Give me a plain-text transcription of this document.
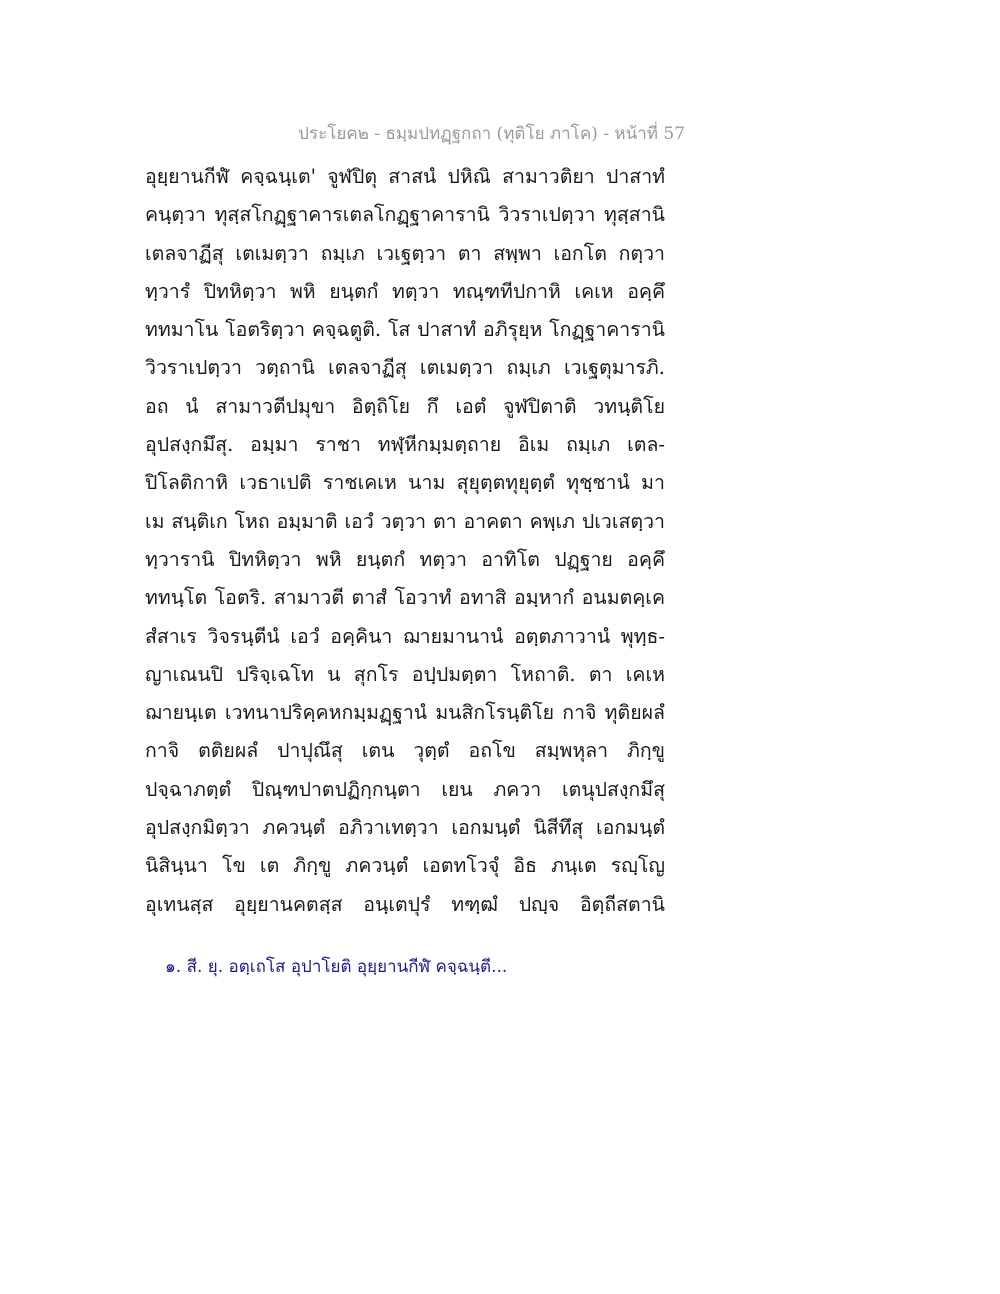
ประโยค๒ - ธมฺมปทฏฺฐกถา (ทุติโย ภาโค) - หน้าที่ 57
อุยฺยานกีฬํ คจฺฉนฺเต' จูฬปิตุ สาสนํ ปหิณิ สามาวติยา ปาสาทํ
คนฺตฺวา ทุสฺสโกฏฺฐาคารเตลโกฏฺฐาคารานิ วิวราเปตฺวา ทุสฺสานิ
เตลจาฏีสุ เตเมตฺวา ถมฺเภ เวเฐตฺวา ตา สพฺพา เอกโต กตฺวา
ทฺวารํ ปิทหิตฺวา พหิ ยนฺตกํ ทตฺวา ทณฺฑทีปกาหิ เคเห อคฺคึ
ททมาโน โอตริตฺวา คจฺฉตูติ. โส ปาสาทํ อภิรุยฺห โกฏฺฐาคารานิ
วิวราเปตฺวา วตฺถานิ เตลจาฏีสุ เตเมตฺวา ถมฺเภ เวเฐตุมารภิ.
อถ นํ สามาวตีปมุขา อิตฺถิโย กึ เอตํ จูฬปิตาติ วทนฺติโย
อุปสงฺกมึสุ. อมฺมา ราชา ทฬฺหีกมฺมตฺถาย อิเม ถมฺเภ เตล-
ปิโลติกาหิ เวธาเปติ ราชเคเห นาม สุยุตฺตทุยุตฺตํ ทุชฺชานํ มา
เม สนฺติเก โหถ อมฺมาติ เอวํ วตฺวา ตา อาคตา คพฺเภ ปเวเสตฺวา
ทฺวารานิ ปิทหิตฺวา พหิ ยนฺตกํ ทตฺวา อาทิโต ปฏฺฐาย อคฺคึ
ททนฺโต โอตริ. สามาวตี ตาสํ โอวาทํ อทาสิ อมฺหากํ อนมตคฺเค
สํสาเร วิจรนฺตีนํ เอวํ อคฺคินา ฌายมานานํ อตฺตภาวานํ พุทฺธ-
ญาเณนปิ ปริจฺเฉโท น สุกโร อปฺปมตฺตา โหถาติ. ตา เคเห
ฌายนฺเต เวทนาปริคฺคหกมฺมฏฺฐานํ มนสิกโรนฺติโย กาจิ ทุติยผลํ
กาจิ ตติยผลํ ปาปุณึสุ เตน วุตฺตํ อถโข สมฺพหุลา ภิกฺขู
ปจฺฉาภตฺตํ ปิณฺฑปาตปฏิกฺกนฺตา เยน ภควา เตนุปสงฺกมึสุ
อุปสงฺกมิตฺวา ภควนฺตํ อภิวาเทตฺวา เอกมนฺตํ นิสีทึสุ เอกมนฺตํ
นิสินฺนา โข เต ภิกฺขู ภควนฺตํ เอตทโวจุํ อิธ ภนฺเต รญฺโญ
อุเทนสฺส อุยฺยานคตสฺส อนฺเตปุรํ ทฑฺฒํ ปญฺจ อิตฺถีสตานิ
๑. สี. ยุ. อตฺเถโส อุปาโยติ อุยฺยานกีฬํ คจฺฉนฺตี...
